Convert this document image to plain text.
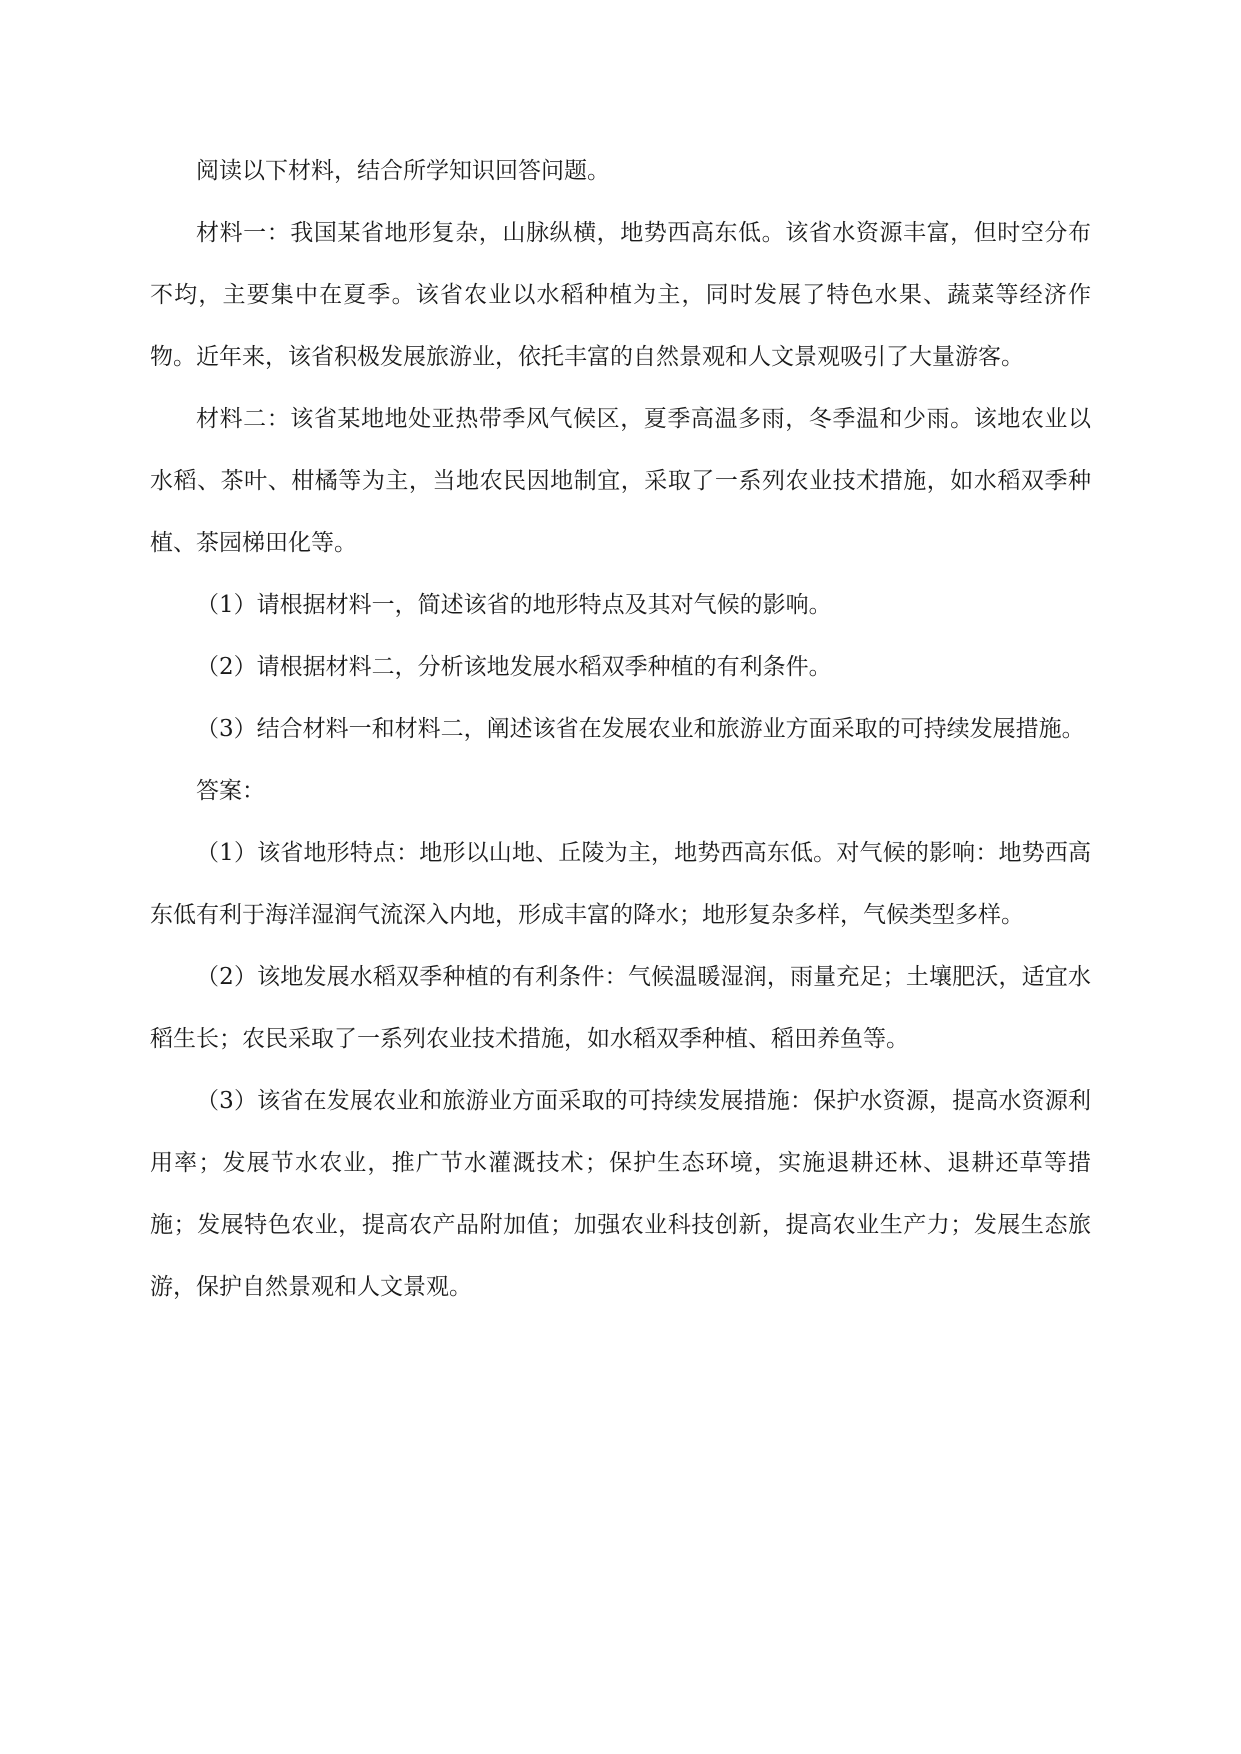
阅读以下材料，结合所学知识回答问题。

材料一：我国某省地形复杂，山脉纵横，地势西高东低。该省水资源丰富，但时空分布不均，主要集中在夏季。该省农业以水稻种植为主，同时发展了特色水果、蔬菜等经济作物。近年来，该省积极发展旅游业，依托丰富的自然景观和人文景观吸引了大量游客。

材料二：该省某地地处亚热带季风气候区，夏季高温多雨，冬季温和少雨。该地农业以水稻、茶叶、柑橘等为主，当地农民因地制宜，采取了一系列农业技术措施，如水稻双季种植、茶园梯田化等。

（1）请根据材料一，简述该省的地形特点及其对气候的影响。

（2）请根据材料二，分析该地发展水稻双季种植的有利条件。

（3）结合材料一和材料二，阐述该省在发展农业和旅游业方面采取的可持续发展措施。

答案：

（1）该省地形特点：地形以山地、丘陵为主，地势西高东低。对气候的影响：地势西高东低有利于海洋湿润气流深入内地，形成丰富的降水；地形复杂多样，气候类型多样。

（2）该地发展水稻双季种植的有利条件：气候温暖湿润，雨量充足；土壤肥沃，适宜水稻生长；农民采取了一系列农业技术措施，如水稻双季种植、稻田养鱼等。

（3）该省在发展农业和旅游业方面采取的可持续发展措施：保护水资源，提高水资源利用率；发展节水农业，推广节水灌溉技术；保护生态环境，实施退耕还林、退耕还草等措施；发展特色农业，提高农产品附加值；加强农业科技创新，提高农业生产力；发展生态旅游，保护自然景观和人文景观。
